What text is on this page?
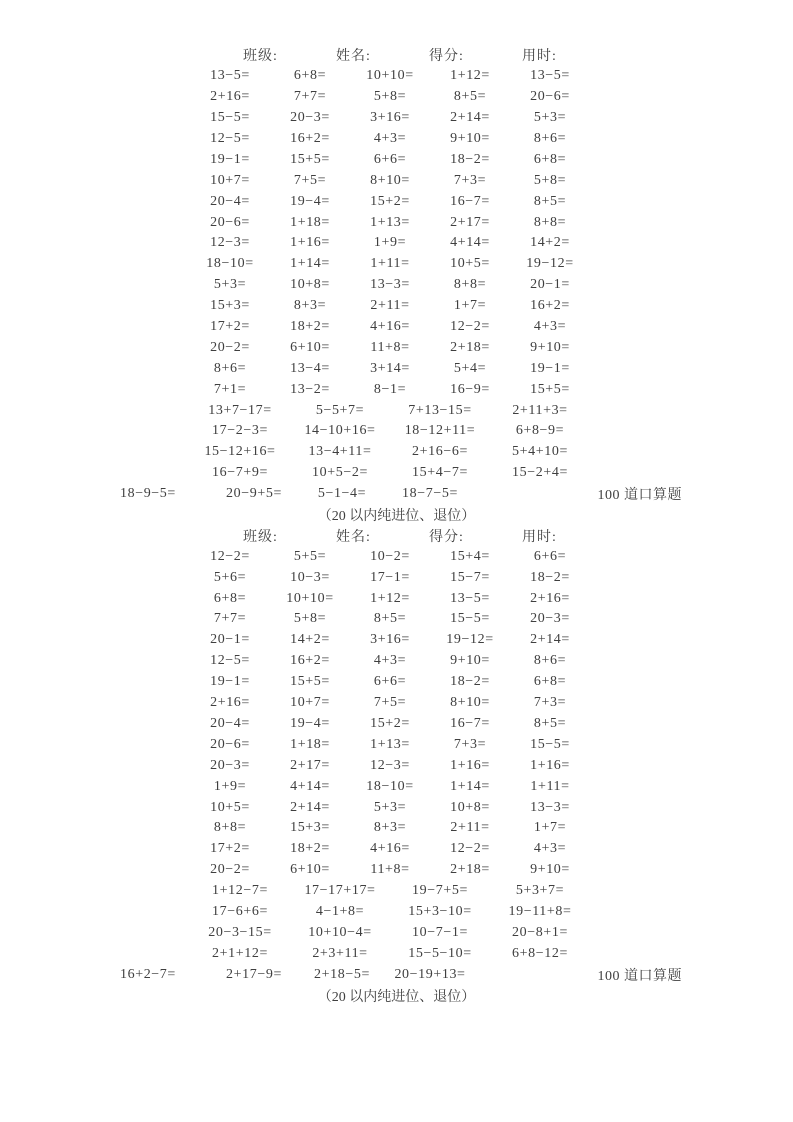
班级:	姓名:	得分:	用时:
13−5=	6+8=	10+10=	1+12=	13−5=
2+16=	7+7=	5+8=	8+5=	20−6=
15−5=	20−3=	3+16=	2+14=	5+3=
12−5=	16+2=	4+3=	9+10=	8+6=
19−1=	15+5=	6+6=	18−2=	6+8=
10+7=	7+5=	8+10=	7+3=	5+8=
20−4=	19−4=	15+2=	16−7=	8+5=
20−6=	1+18=	1+13=	2+17=	8+8=
12−3=	1+16=	1+9=	4+14=	14+2=
18−10=	1+14=	1+11=	10+5=	19−12=
5+3=	10+8=	13−3=	8+8=	20−1=
15+3=	8+3=	2+11=	1+7=	16+2=
17+2=	18+2=	4+16=	12−2=	4+3=
20−2=	6+10=	11+8=	2+18=	9+10=
8+6=	13−4=	3+14=	5+4=	19−1=
7+1=	13−2=	8−1=	16−9=	15+5=
13+7−17=	5−5+7=	7+13−15=	2+11+3=
17−2−3=	14−10+16=	18−12+11=	6+8−9=
15−12+16=	13−4+11=	2+16−6=	5+4+10=
16−7+9=	10+5−2=	15+4−7=	15−2+4=
18−9−5=	20−9+5=	5−1−4=	18−7−5=	100 道口算题
（20 以内纯进位、退位）
班级:	姓名:	得分:	用时:
12−2=	5+5=	10−2=	15+4=	6+6=
5+6=	10−3=	17−1=	15−7=	18−2=
6+8=	10+10=	1+12=	13−5=	2+16=
7+7=	5+8=	8+5=	15−5=	20−3=
20−1=	14+2=	3+16=	19−12=	2+14=
12−5=	16+2=	4+3=	9+10=	8+6=
19−1=	15+5=	6+6=	18−2=	6+8=
2+16=	10+7=	7+5=	8+10=	7+3=
20−4=	19−4=	15+2=	16−7=	8+5=
20−6=	1+18=	1+13=	7+3=	15−5=
20−3=	2+17=	12−3=	1+16=	1+16=
1+9=	4+14=	18−10=	1+14=	1+11=
10+5=	2+14=	5+3=	10+8=	13−3=
8+8=	15+3=	8+3=	2+11=	1+7=
17+2=	18+2=	4+16=	12−2=	4+3=
20−2=	6+10=	11+8=	2+18=	9+10=
1+12−7=	17−17+17=	19−7+5=	5+3+7=
17−6+6=	4−1+8=	15+3−10=	19−11+8=
20−3−15=	10+10−4=	10−7−1=	20−8+1=
2+1+12=	2+3+11=	15−5−10=	6+8−12=
16+2−7=	2+17−9=	2+18−5=	20−19+13=	100 道口算题
（20 以内纯进位、退位）
